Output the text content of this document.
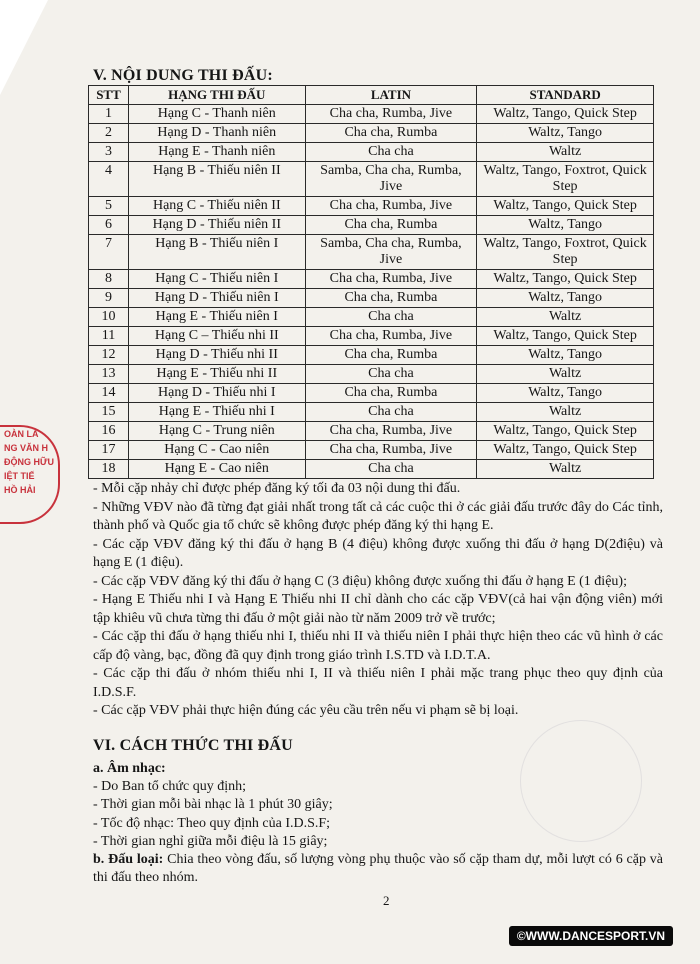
V. NỘI DUNG THI ĐẤU:
STT	HẠNG THI ĐẤU	LATIN	STANDARD
1	Hạng C - Thanh niên	Cha cha, Rumba, Jive	Waltz, Tango, Quick Step
2	Hạng D - Thanh niên	Cha cha, Rumba	Waltz, Tango
3	Hạng E - Thanh niên	Cha cha	Waltz
4	Hạng B - Thiếu niên II	Samba, Cha cha, Rumba, Jive	Waltz, Tango, Foxtrot, Quick Step
5	Hạng C - Thiếu niên II	Cha cha, Rumba, Jive	Waltz, Tango, Quick Step
6	Hạng D - Thiếu niên II	Cha cha, Rumba	Waltz, Tango
7	Hạng B - Thiếu niên I	Samba, Cha cha, Rumba, Jive	Waltz, Tango, Foxtrot, Quick Step
8	Hạng C - Thiếu niên I	Cha cha, Rumba, Jive	Waltz, Tango, Quick Step
9	Hạng D - Thiếu niên I	Cha cha, Rumba	Waltz, Tango
10	Hạng E - Thiếu niên I	Cha cha	Waltz
11	Hạng C – Thiếu nhi II	Cha cha, Rumba, Jive	Waltz, Tango, Quick Step
12	Hạng D - Thiếu nhi II	Cha cha, Rumba	Waltz, Tango
13	Hạng E - Thiếu nhi II	Cha cha	Waltz
14	Hạng D - Thiếu nhi I	Cha cha, Rumba	Waltz, Tango
15	Hạng E - Thiếu nhi I	Cha cha	Waltz
16	Hạng C - Trung niên	Cha cha, Rumba, Jive	Waltz, Tango, Quick Step
17	Hạng C - Cao niên	Cha cha, Rumba, Jive	Waltz, Tango, Quick Step
18	Hạng E - Cao niên	Cha cha	Waltz

- Mỗi cặp nhảy chỉ được phép đăng ký tối đa 03 nội dung thi đấu.

- Những VĐV nào đã từng đạt giải nhất trong tất cả các cuộc thi ở các giải đấu trước đây do Các tỉnh, thành phố và Quốc gia tổ chức sẽ không được phép đăng ký thi hạng E.

- Các cặp VĐV đăng ký thi đấu ở hạng B (4 điệu) không được xuống thi đấu ở hạng D(2điệu) và hạng E (1 điệu).

- Các cặp VĐV đăng ký thi đấu ở hạng C (3 điệu) không được xuống thi đấu ở hạng E (1 điệu);

- Hạng E Thiếu nhi I và Hạng E Thiếu nhi II chỉ dành cho các cặp VĐV(cả hai vận động viên) mới tập khiêu vũ chưa từng thi đấu ở một giải nào từ năm 2009 trở về trước;

- Các cặp thi đấu ở hạng thiếu nhi I, thiếu nhi II và thiếu niên I phải thực hiện theo các vũ hình ở các cấp độ vàng, bạc, đồng đã quy định trong giáo trình I.S.TD và I.D.T.A.

- Các cặp thi đấu ở nhóm thiếu nhi I, II và thiếu niên I phải mặc trang phục theo quy định của I.D.S.F.

- Các cặp VĐV phải thực hiện đúng các yêu cầu trên nếu vi phạm sẽ bị loại.

VI. CÁCH THỨC THI ĐẤU

a. Âm nhạc:

- Do Ban tổ chức quy định;

- Thời gian mỗi bài nhạc là 1 phút 30 giây;

- Tốc độ nhạc: Theo quy định của I.D.S.F;

- Thời gian nghỉ giữa mỗi điệu là 15 giây;

b. Đấu loại: Chia theo vòng đấu, số lượng vòng phụ thuộc vào số cặp tham dự, mỗi lượt có 6 cặp và thi đấu theo nhóm.

2
OÀN LA
NG VĂN H
ĐỘNG HỮU
IỆT TIẾ
HỒ HẢI
©WWW.DANCESPORT.VN
